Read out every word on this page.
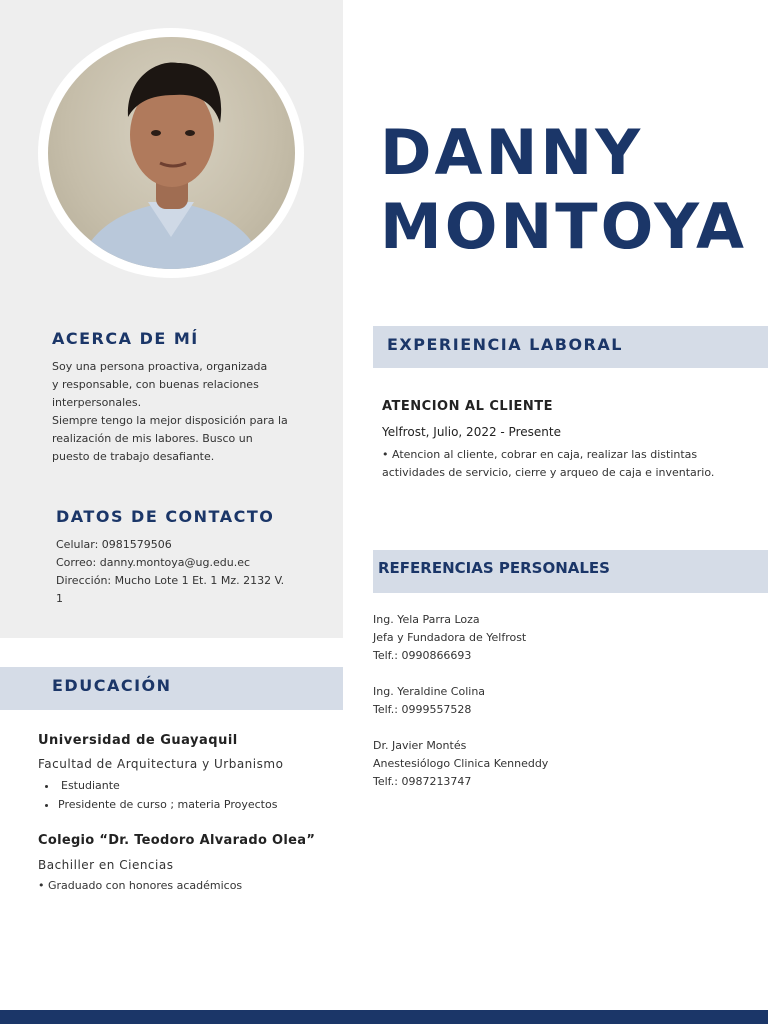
DANNY
MONTOYA
ACERCA DE MÍ

Soy una persona proactiva, organizada

y responsable, con buenas relaciones

interpersonales.

Siempre tengo la mejor disposición para la

realización de mis labores. Busco un

puesto de trabajo desafiante.

DATOS DE CONTACTO

Celular: 0981579506

Correo: danny.montoya@ug.edu.ec

Dirección: Mucho Lote 1 Et. 1 Mz. 2132 V.

1

EDUCACIÓN

Universidad de Guayaquil

Facultad de Arquitectura y Urbanismo

• Estudiante
• Presidente de curso ; materia Proyectos

Colegio “Dr. Teodoro Alvarado Olea”

Bachiller en Ciencias

• Graduado con honores académicos

EXPERIENCIA LABORAL

ATENCION AL CLIENTE

Yelfrost, Julio, 2022 - Presente

• Atencion al cliente, cobrar en caja, realizar las distintas

actividades de servicio, cierre y arqueo de caja e inventario.

REFERENCIAS PERSONALES

Ing. Yela Parra Loza

Jefa y Fundadora de Yelfrost

Telf.: 0990866693

Ing. Yeraldine Colina

Telf.: 0999557528

Dr. Javier Montés

Anestesiólogo Clinica Kenneddy

Telf.: 0987213747
